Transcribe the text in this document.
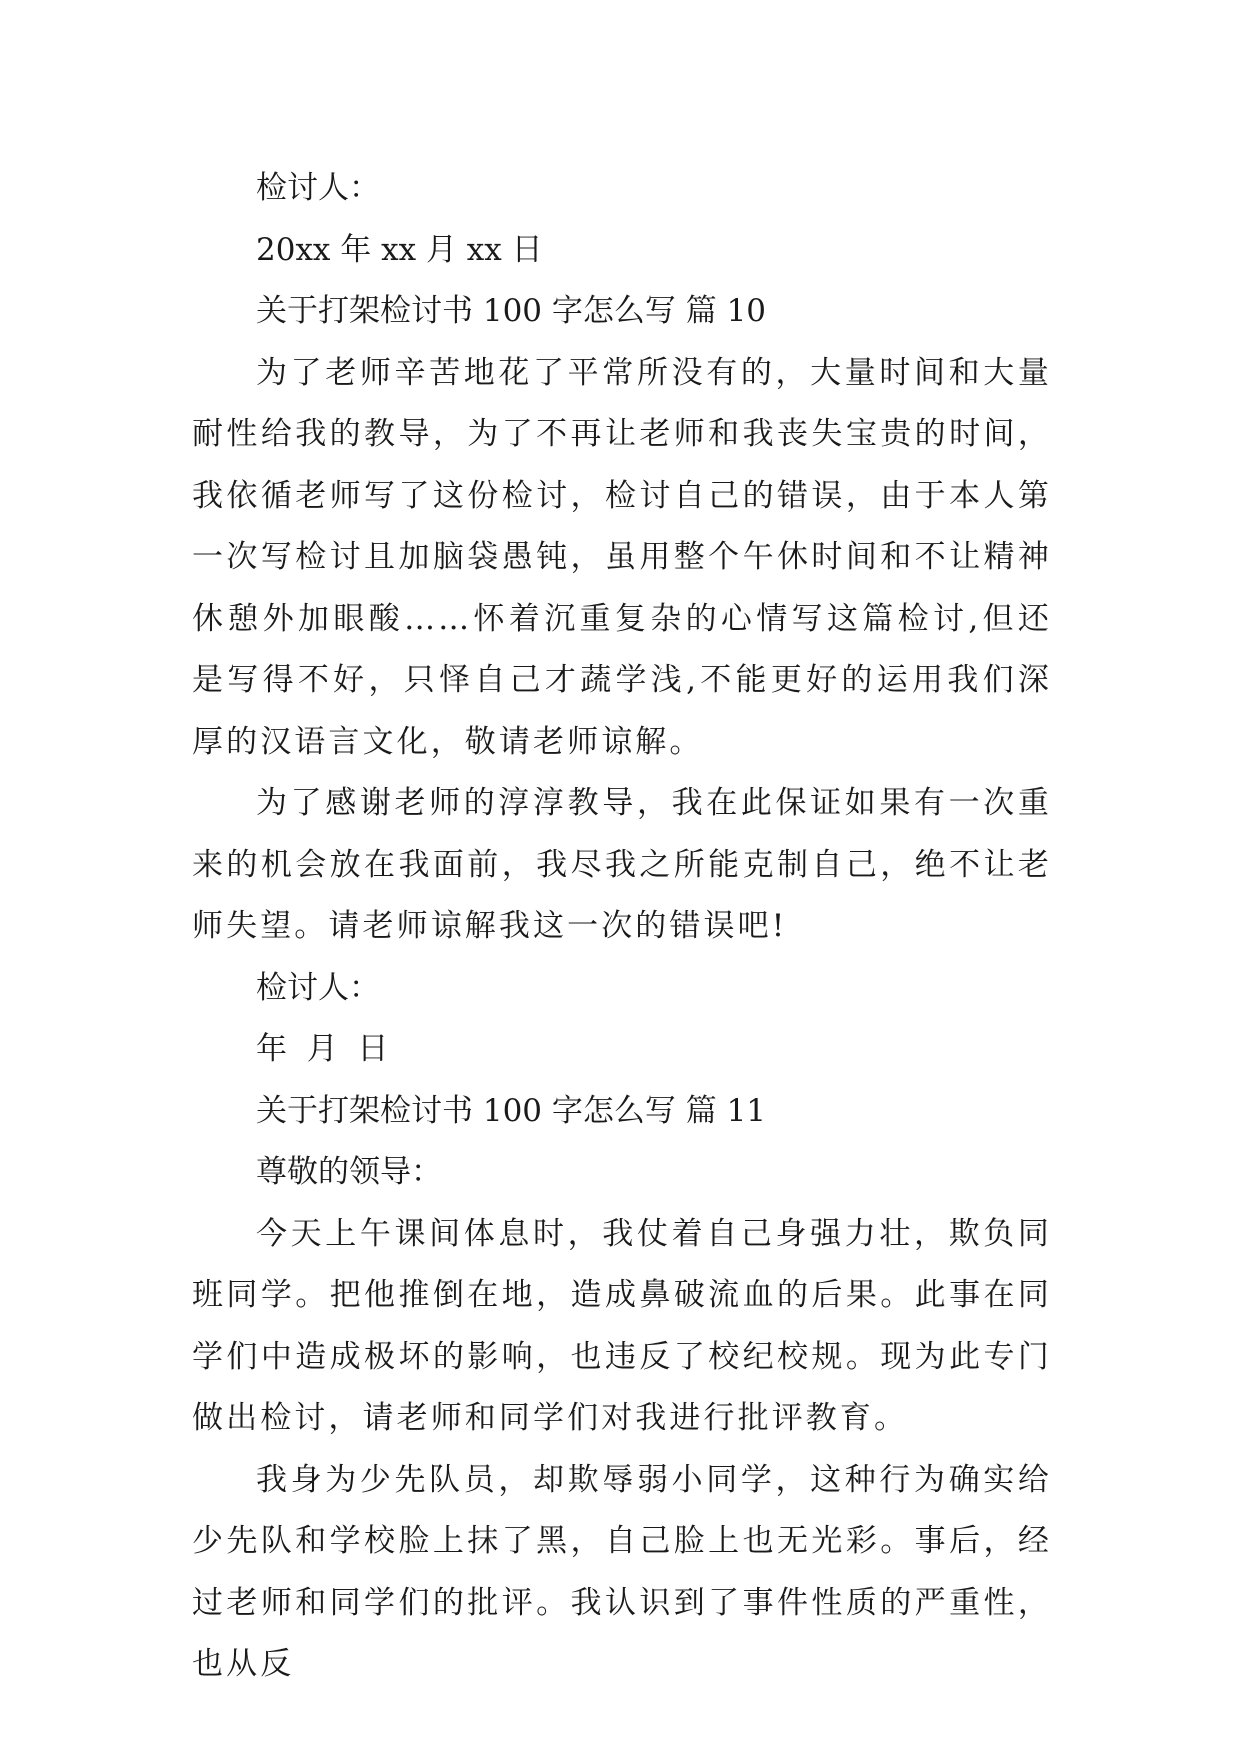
检讨人：

20xx 年 xx 月 xx 日

关于打架检讨书 100 字怎么写 篇 10

为了老师辛苦地花了平常所没有的，大量时间和大量耐性给我的教导，为了不再让老师和我丧失宝贵的时间，我依循老师写了这份检讨，检讨自己的错误，由于本人第一次写检讨且加脑袋愚钝，虽用整个午休时间和不让精神休憩外加眼酸……怀着沉重复杂的心情写这篇检讨,但还是写得不好，只怿自己才蔬学浅,不能更好的运用我们深厚的汉语言文化，敬请老师谅解。

为了感谢老师的淳淳教导，我在此保证如果有一次重来的机会放在我面前，我尽我之所能克制自己，绝不让老师失望。请老师谅解我这一次的错误吧!

检讨人：

年  月  日

关于打架检讨书 100 字怎么写 篇 11

尊敬的领导：

今天上午课间体息时，我仗着自己身强力壮，欺负同班同学。把他推倒在地，造成鼻破流血的后果。此事在同学们中造成极坏的影响，也违反了校纪校规。现为此专门做出检讨，请老师和同学们对我进行批评教育。

我身为少先队员，却欺辱弱小同学，这种行为确实给少先队和学校脸上抹了黑，自己脸上也无光彩。事后，经过老师和同学们的批评。我认识到了事件性质的严重性，也从反
